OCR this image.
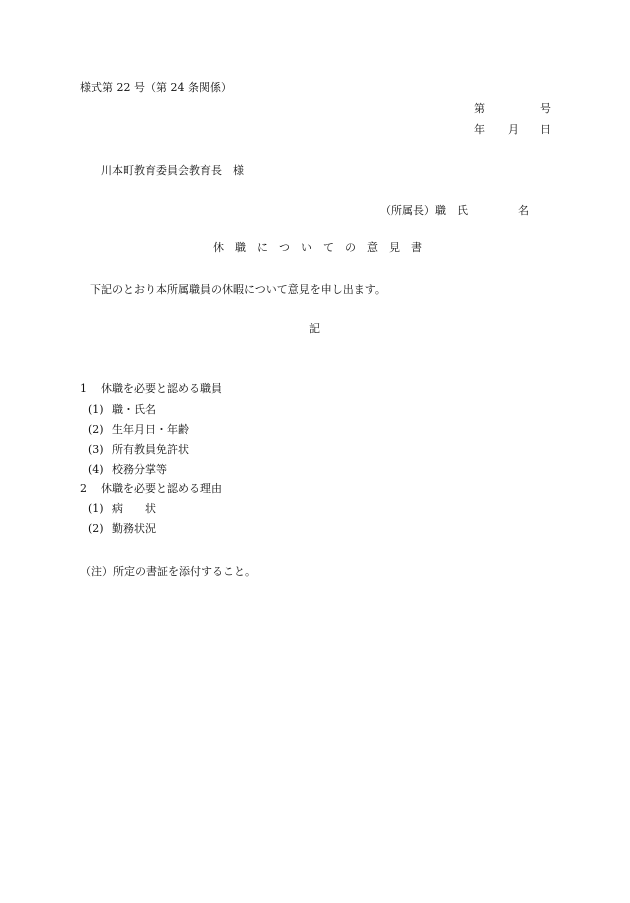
様式第 22 号（第 24 条関係）
第	号
年 月 日
川本町教育委員会教育長　様
（所属長）職　氏	名
休　職　に　つ　い　て　の　意　見　書
下記のとおり本所属職員の休暇について意見を申し出ます。
記
1 休職を必要と認める職員
(1) 職・氏名
(2) 生年月日・年齢
(3) 所有教員免許状
(4) 校務分掌等
2 休職を必要と認める理由
(1) 病　　状
(2) 勤務状況
（注）所定の書証を添付すること。
